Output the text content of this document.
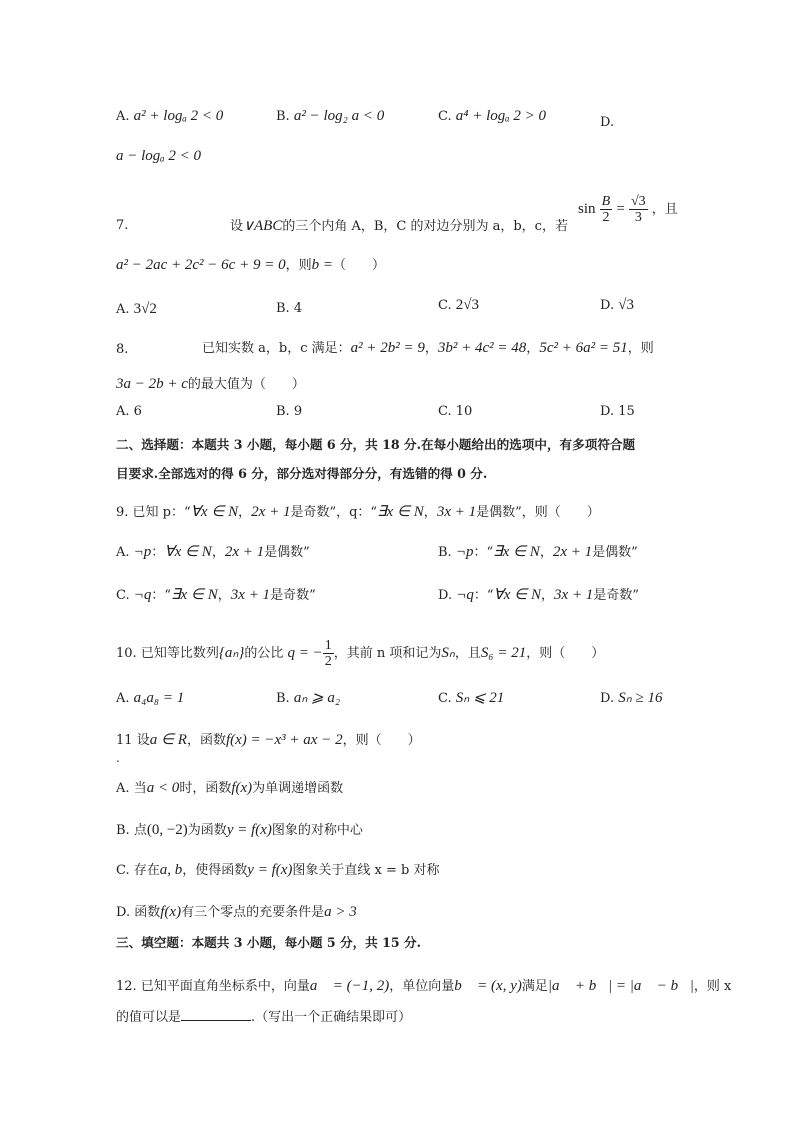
A. a² + logₐ 2 < 0	B. a² − log₂ a < 0	C. a⁴ + logₐ 2 > 0	D.
a − logₐ 2 < 0
7.	设∨ABC的三个内角 A，B，C 的对边分别为 a，b，c，若
$\sin \frac{B}{2} = \frac{√3}{3}$ ，且
a² − 2ac + 2c² − 6c + 9 = 0，则b =（　　）
A. 3√2	B. 4	C. 2√3	D. √3
8.	已知实数 a，b，c 满足：a² + 2b² = 9，3b² + 4c² = 48，5c² + 6a² = 51，则
3a − 2b + c的最大值为（　　）
A. 6	B. 9	C. 10	D. 15
二、选择题：本题共 3 小题，每小题 6 分，共 18 分.在每小题给出的选项中，有多项符合题
目要求.全部选对的得 6 分，部分选对得部分分，有选错的得 0 分.
9. 已知 p：“∀x ∈ N，2x + 1是奇数”，q：“∃x ∈ N，3x + 1是偶数”，则（　　）
A. ¬p：∀x ∈ N，2x + 1是偶数”	B. ¬p：“∃x ∈ N，2x + 1是偶数”
C. ¬q：“∃x ∈ N，3x + 1是奇数”	D. ¬q：“∀x ∈ N，3x + 1是奇数”
10. 已知等比数列{aₙ}的公比 q = − $\frac{1}{2}$ ，其前 n 项和记为Sₙ，且S₆ = 21，则（　　）
A. a₄a₈ = 1	B. aₙ ⩾ a₂	C. Sₙ ⩽ 21	D. Sₙ ≥ 16
11 设a ∈ R，函数f(x) = −x³ + ax − 2，则（　　）
.
A. 当a < 0时，函数f(x)为单调递增函数
B. 点(0, −2)为函数y = f(x)图象的对称中心
C. 存在a, b，使得函数y = f(x)图象关于直线 x = b 对称
D. 函数f(x)有三个零点的充要条件是a > 3
三、填空题：本题共 3 小题，每小题 5 分，共 15 分.
12. 已知平面直角坐标系中，向量a⃗ = (−1, 2)，单位向量b⃗ = (x, y)满足|a⃗ + b⃗| = |a⃗ − b⃗|，则 x
的值可以是	.（写出一个正确结果即可）
